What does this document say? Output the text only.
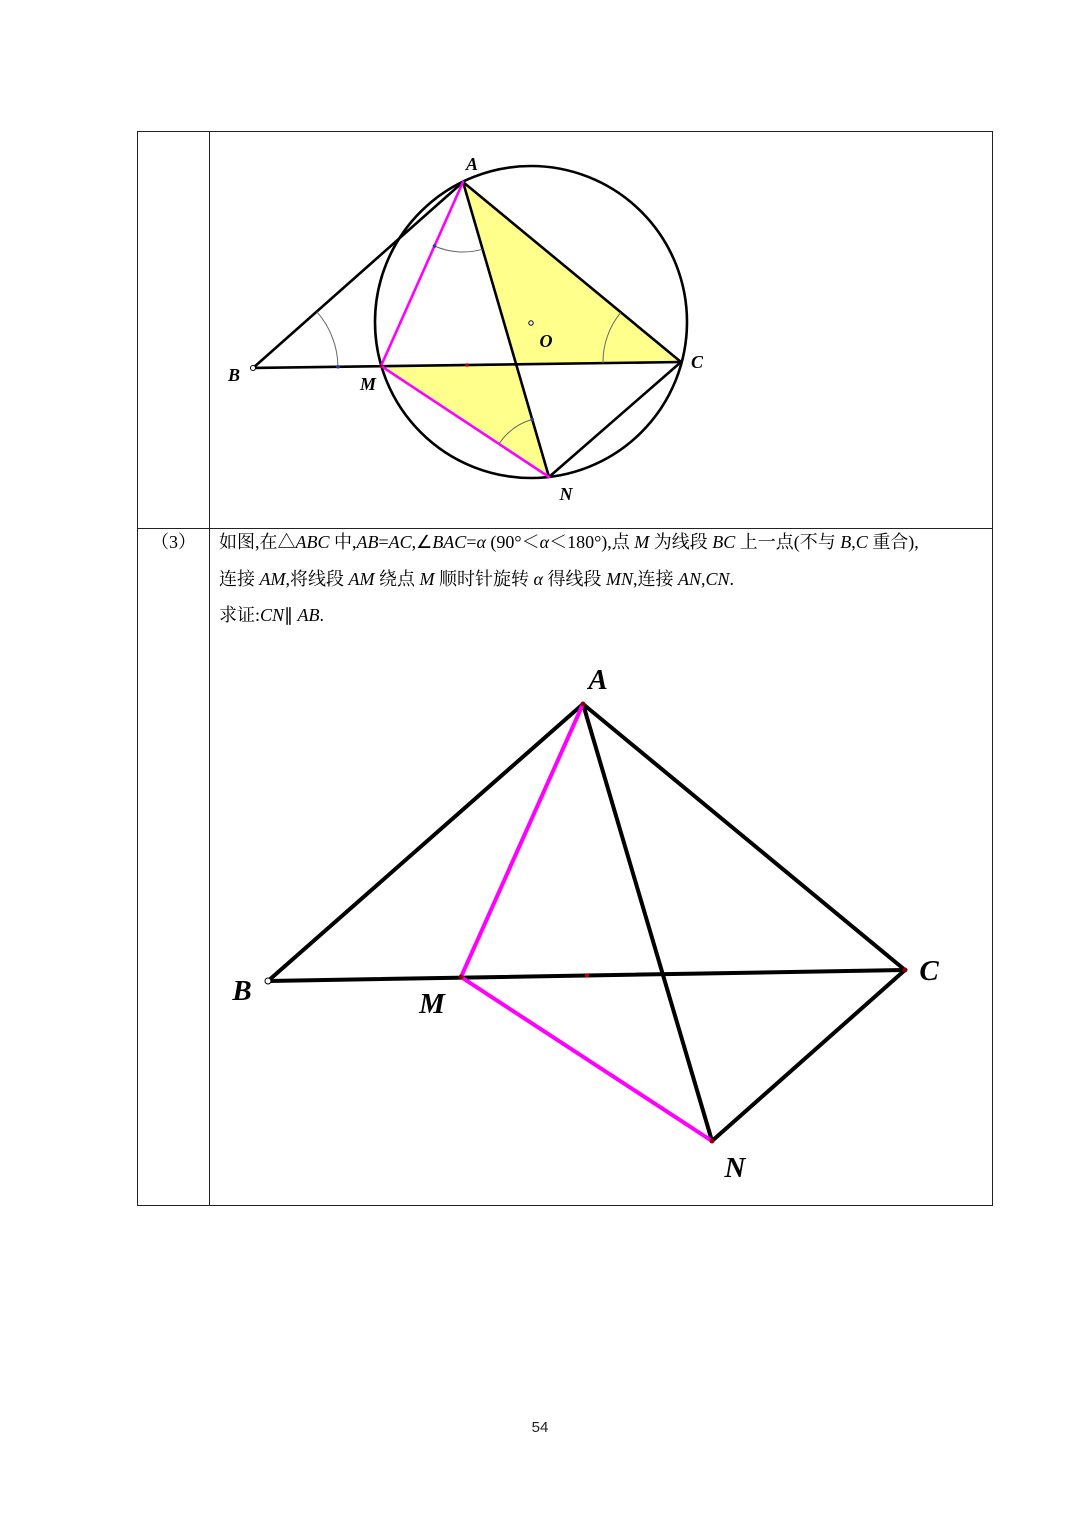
A
B	M
C
O
N
（3）	如图,在△ABC 中,AB=AC,∠BAC=α (90°＜α＜180°),点 M 为线段 BC 上一点(不与 B,C 重合),
连接 AM,将线段 AM 绕点 M 顺时针旋转 α 得线段 MN,连接 AN,CN.
求证:CN∥ AB.
A
B	M
C
N
54
